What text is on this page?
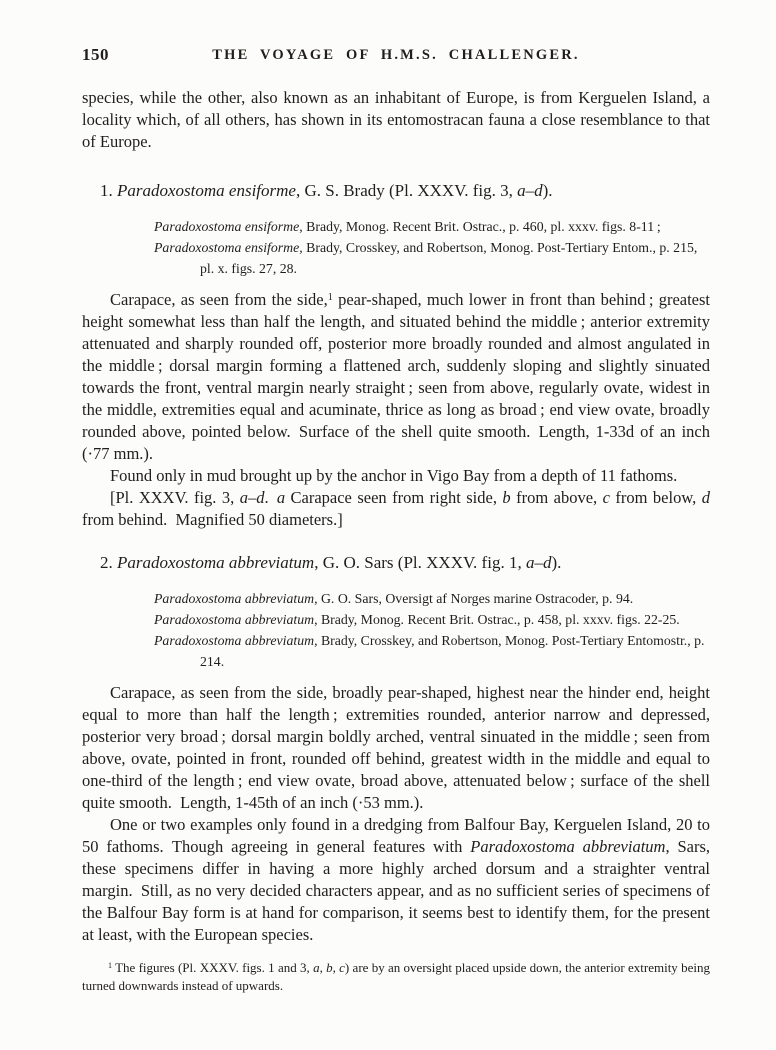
150	THE VOYAGE OF H.M.S. CHALLENGER.

species, while the other, also known as an inhabitant of Europe, is from Kerguelen Island, a locality which, of all others, has shown in its entomostracan fauna a close resemblance to that of Europe.

1. Paradoxostoma ensiforme, G. S. Brady (Pl. XXXV. fig. 3, a–d).

Paradoxostoma ensiforme, Brady, Monog. Recent Brit. Ostrac., p. 460, pl. xxxv. figs. 8-11 ;

Paradoxostoma ensiforme, Brady, Crosskey, and Robertson, Monog. Post-Tertiary Entom., p. 215, pl. x. figs. 27, 28.

Carapace, as seen from the side,$^1$ pear-shaped, much lower in front than behind ; greatest height somewhat less than half the length, and situated behind the middle ; anterior extremity attenuated and sharply rounded off, posterior more broadly rounded and almost angulated in the middle ; dorsal margin forming a flattened arch, suddenly sloping and slightly sinuated towards the front, ventral margin nearly straight ; seen from above, regularly ovate, widest in the middle, extremities equal and acuminate, thrice as long as broad ; end view ovate, broadly rounded above, pointed below. Surface of the shell quite smooth. Length, 1-33d of an inch (·77 mm.).

Found only in mud brought up by the anchor in Vigo Bay from a depth of 11 fathoms.

[Pl. XXXV. fig. 3, a–d. a Carapace seen from right side, b from above, c from below, d from behind. Magnified 50 diameters.]

2. Paradoxostoma abbreviatum, G. O. Sars (Pl. XXXV. fig. 1, a–d).

Paradoxostoma abbreviatum, G. O. Sars, Oversigt af Norges marine Ostracoder, p. 94.

Paradoxostoma abbreviatum, Brady, Monog. Recent Brit. Ostrac., p. 458, pl. xxxv. figs. 22-25.

Paradoxostoma abbreviatum, Brady, Crosskey, and Robertson, Monog. Post-Tertiary Entomostr., p. 214.

Carapace, as seen from the side, broadly pear-shaped, highest near the hinder end, height equal to more than half the length ; extremities rounded, anterior narrow and depressed, posterior very broad ; dorsal margin boldly arched, ventral sinuated in the middle ; seen from above, ovate, pointed in front, rounded off behind, greatest width in the middle and equal to one-third of the length ; end view ovate, broad above, attenuated below ; surface of the shell quite smooth. Length, 1-45th of an inch (·53 mm.).

One or two examples only found in a dredging from Balfour Bay, Kerguelen Island, 20 to 50 fathoms. Though agreeing in general features with Paradoxostoma abbreviatum, Sars, these specimens differ in having a more highly arched dorsum and a straighter ventral margin. Still, as no very decided characters appear, and as no sufficient series of specimens of the Balfour Bay form is at hand for comparison, it seems best to identify them, for the present at least, with the European species.

$^1$ The figures (Pl. XXXV. figs. 1 and 3, a, b, c) are by an oversight placed upside down, the anterior extremity being turned downwards instead of upwards.
